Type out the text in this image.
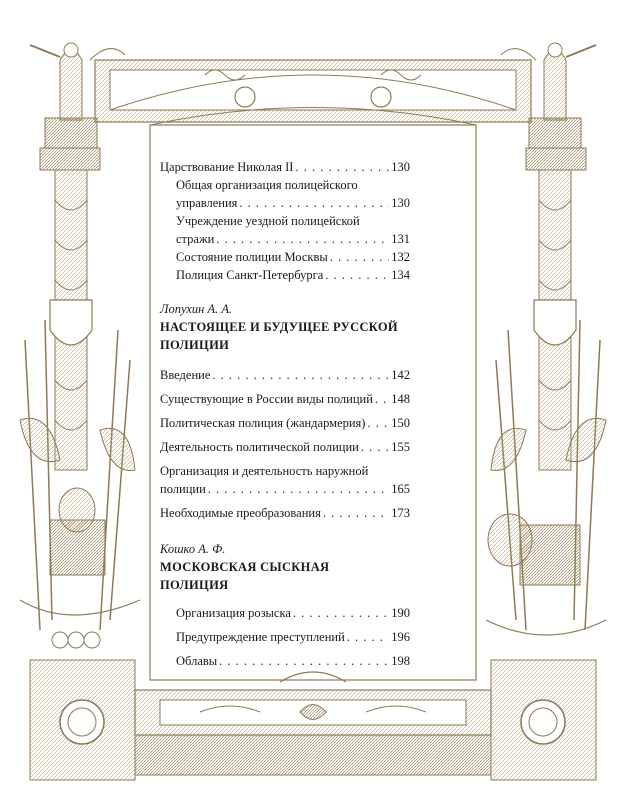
Царствование Николая II . . .	130
Общая организация полицейского
управления . . .	130
Учреждение уездной полицейской
стражи . . .	131
Состояние полиции Москвы . . .	132
Полиция Санкт-Петербурга . . .	134
Лопухин А. А.
НАСТОЯЩЕЕ И БУДУЩЕЕ РУССКОЙ
ПОЛИЦИИ
Введение . . .	142
Существующие в России виды полиций . . . 148
Политическая полиция (жандармерия) . . . 150
Деятельность политической полиции . . .	155
Организация и деятельность наружной
полиции . . .	165
Необходимые преобразования . . .	173
Кошко А. Ф.
МОСКОВСКАЯ СЫСКНАЯ
ПОЛИЦИЯ
Организация розыска . . .	190
Предупреждение преступлений . . .	196
Облавы . . .	198
